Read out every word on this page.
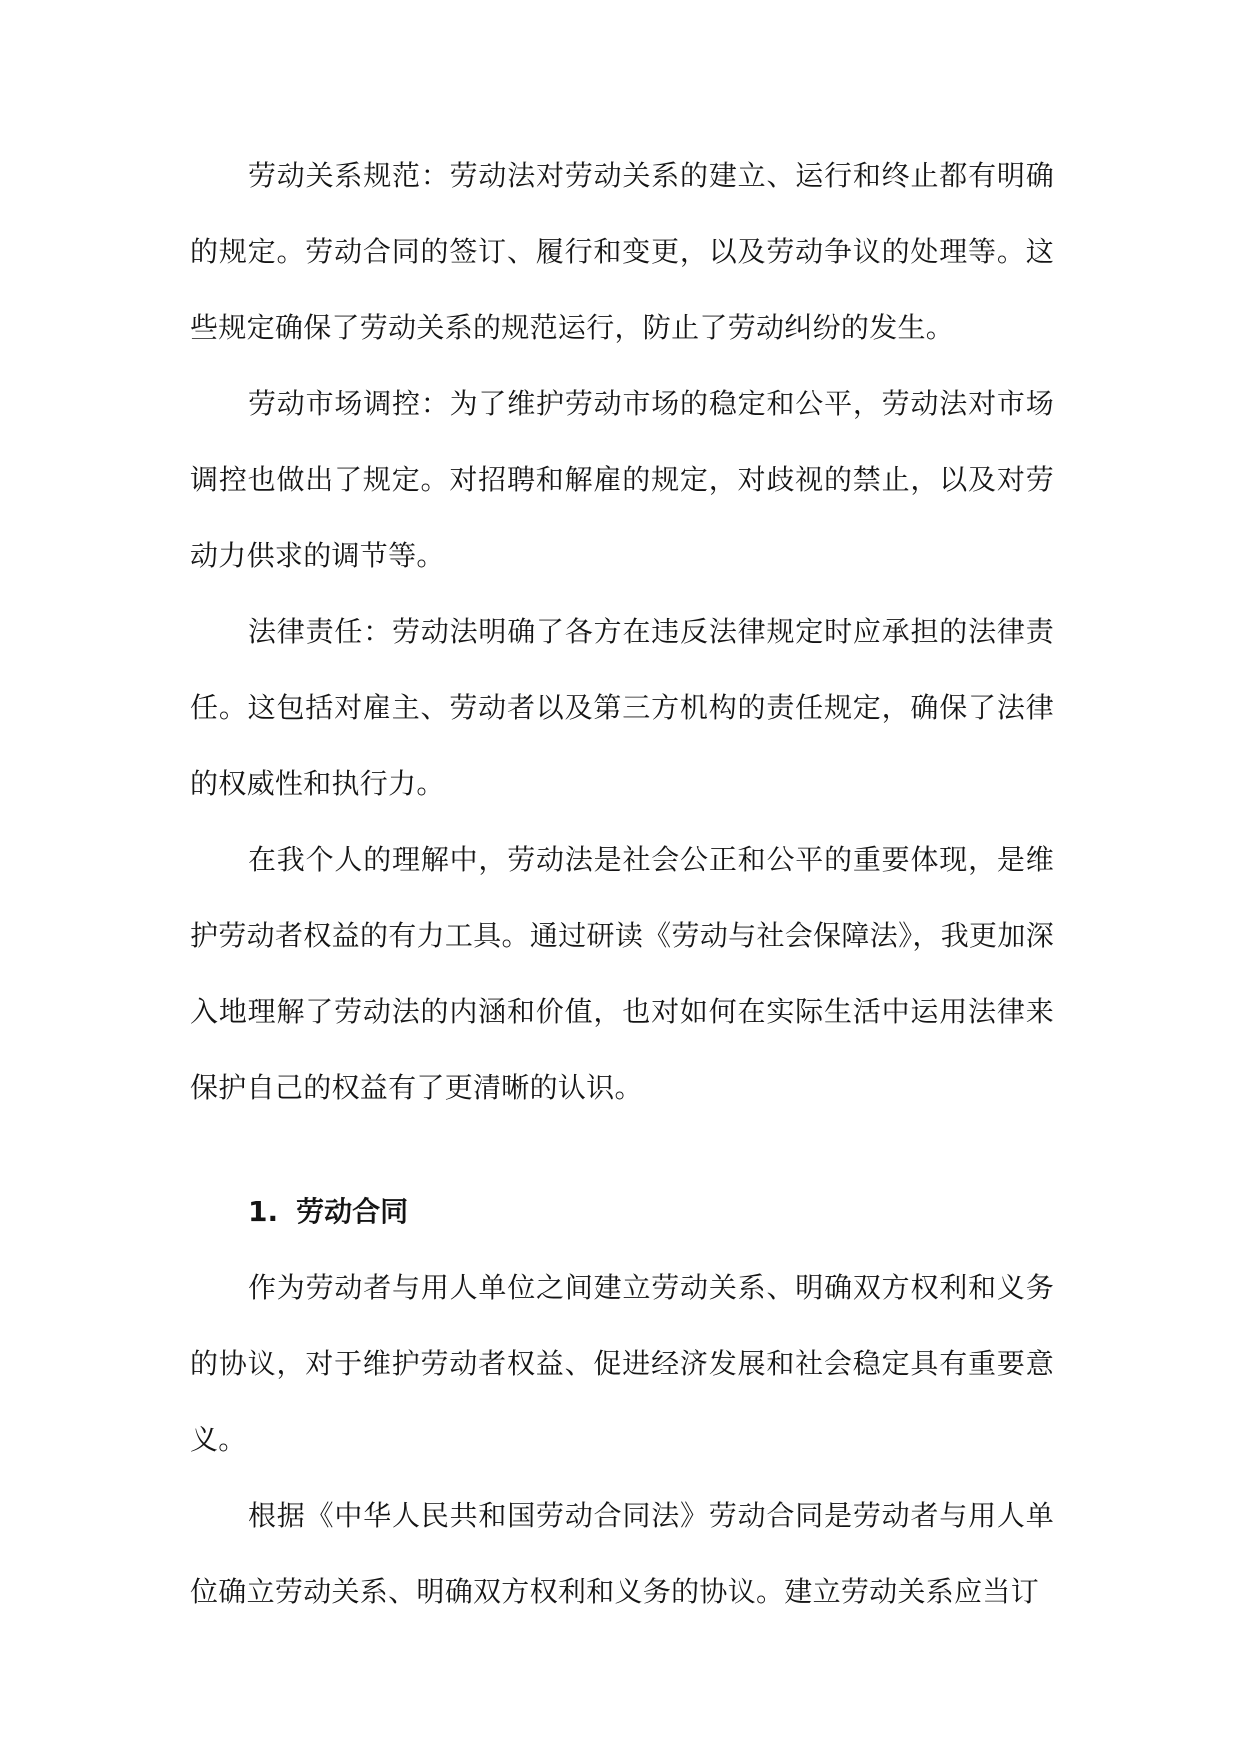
劳动关系规范：劳动法对劳动关系的建立、运行和终止都有明确的规定。劳动合同的签订、履行和变更，以及劳动争议的处理等。这些规定确保了劳动关系的规范运行，防止了劳动纠纷的发生。

劳动市场调控：为了维护劳动市场的稳定和公平，劳动法对市场调控也做出了规定。对招聘和解雇的规定，对歧视的禁止，以及对劳动力供求的调节等。

法律责任：劳动法明确了各方在违反法律规定时应承担的法律责任。这包括对雇主、劳动者以及第三方机构的责任规定，确保了法律的权威性和执行力。

在我个人的理解中，劳动法是社会公正和公平的重要体现，是维护劳动者权益的有力工具。通过研读《劳动与社会保障法》，我更加深入地理解了劳动法的内涵和价值，也对如何在实际生活中运用法律来保护自己的权益有了更清晰的认识。

1. 劳动合同

作为劳动者与用人单位之间建立劳动关系、明确双方权利和义务的协议，对于维护劳动者权益、促进经济发展和社会稳定具有重要意义。

根据《中华人民共和国劳动合同法》劳动合同是劳动者与用人单位确立劳动关系、明确双方权利和义务的协议。建立劳动关系应当订
